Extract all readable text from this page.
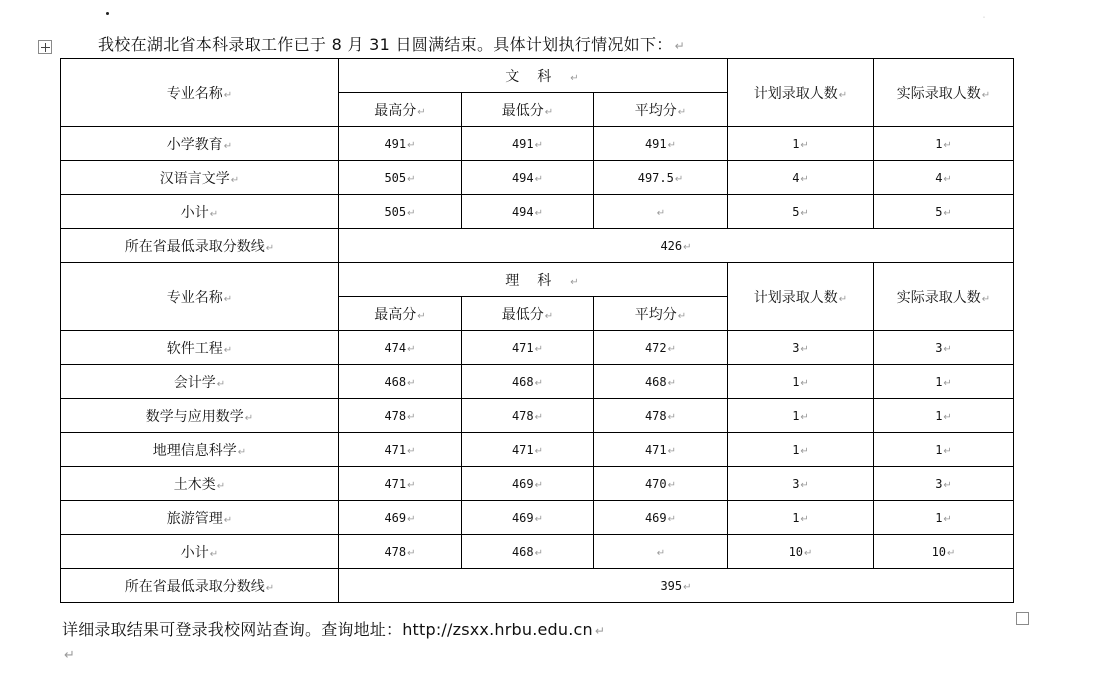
˙
我校在湖北省本科录取工作已于 8 月 31 日圆满结束。具体计划执行情况如下： ↵
专业名称↵	文科↵			计划录取人数↵	实际录取人数↵
	最高分↵	最低分↵	平均分↵		
小学教育↵	491↵	491↵	491↵	1↵	1↵
汉语言文学↵	505↵	494↵	497.5↵	4↵	4↵
小计↵	505↵	494↵	↵	5↵	5↵
所在省最低录取分数线↵	426↵				
专业名称↵	理科↵			计划录取人数↵	实际录取人数↵
	最高分↵	最低分↵	平均分↵		
软件工程↵	474↵	471↵	472↵	3↵	3↵
会计学↵	468↵	468↵	468↵	1↵	1↵
数学与应用数学↵	478↵	478↵	478↵	1↵	1↵
地理信息科学↵	471↵	471↵	471↵	1↵	1↵
土木类↵	471↵	469↵	470↵	3↵	3↵
旅游管理↵	469↵	469↵	469↵	1↵	1↵
小计↵	478↵	468↵	↵	10↵	10↵
所在省最低录取分数线↵	395↵				
详细录取结果可登录我校网站查询。查询地址：http://zsxx.hrbu.edu.cn ↵
↵
